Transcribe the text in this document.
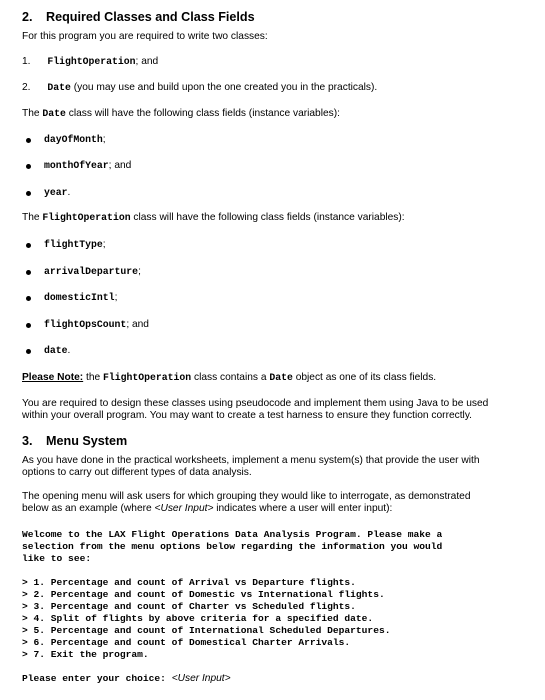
2. Required Classes and Class Fields
For this program you are required to write two classes:
1. FlightOperation; and
2. Date (you may use and build upon the one created you in the practicals).
The Date class will have the following class fields (instance variables):
dayOfMonth;
monthOfYear; and
year.
The FlightOperation class will have the following class fields (instance variables):
flightType;
arrivalDeparture;
domesticIntl;
flightOpsCount; and
date.
Please Note: the FlightOperation class contains a Date object as one of its class fields.
You are required to design these classes using pseudocode and implement them using Java to be used
within your overall program. You may want to create a test harness to ensure they function correctly.
3. Menu System
As you have done in the practical worksheets, implement a menu system(s) that provide the user with
options to carry out different types of data analysis.
The opening menu will ask users for which grouping they would like to interrogate, as demonstrated
below as an example (where <User Input> indicates where a user will enter input):
Welcome to the LAX Flight Operations Data Analysis Program. Please make a
selection from the menu options below regarding the information you would
like to see:
> 1. Percentage and count of Arrival vs Departure flights.
> 2. Percentage and count of Domestic vs International flights.
> 3. Percentage and count of Charter vs Scheduled flights.
> 4. Split of flights by above criteria for a specified date.
> 5. Percentage and count of International Scheduled Departures.
> 6. Percentage and count of Domestical Charter Arrivals.
> 7. Exit the program.
Please enter your choice: <User Input>
